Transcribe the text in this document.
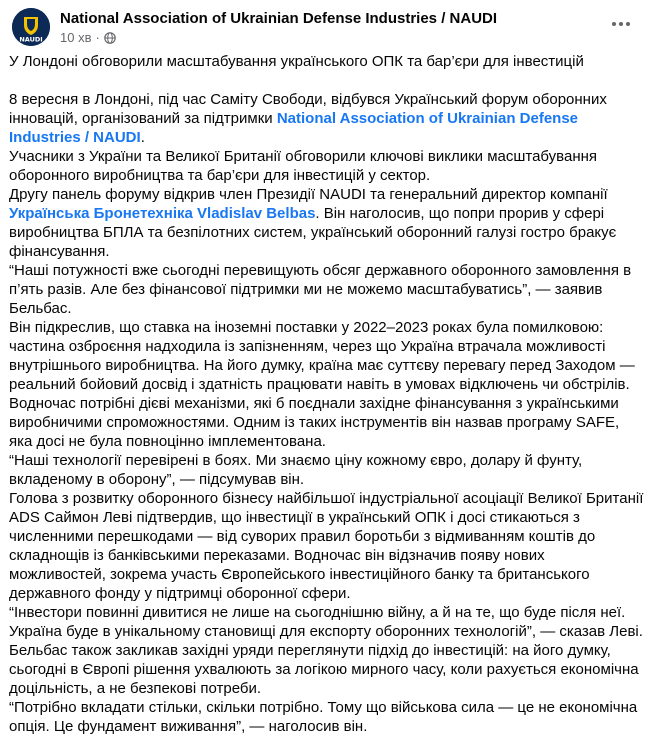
NAUDI
National Association of Ukrainian Defense Industries / NAUDI
10 хв ·

У Лондоні обговорили масштабування українського ОПК та бар’єри для інвестицій

8 вересня в Лондоні, під час Саміту Свободи, відбувся Український форум оборонних інновацій, організований за підтримки National Association of Ukrainian Defense Industries / NAUDI.

Учасники з України та Великої Британії обговорили ключові виклики масштабування оборонного виробництва та бар’єри для інвестицій у сектор.

Другу панель форуму відкрив член Президії NAUDI та генеральний директор компанії Українська Бронетехніка Vladislav Belbas. Він наголосив, що попри прорив у сфері виробництва БПЛА та безпілотних систем, український оборонний галузі гостро бракує фінансування.

“Наші потужності вже сьогодні перевищують обсяг державного оборонного замовлення в п’ять разів. Але без фінансової підтримки ми не можемо масштабуватись”, — заявив Бельбас.

Він підкреслив, що ставка на іноземні поставки у 2022–2023 роках була помилковою: частина озброєння надходила із запізненням, через що Україна втрачала можливості внутрішнього виробництва. На його думку, країна має суттєву перевагу перед Заходом — реальний бойовий досвід і здатність працювати навіть в умовах відключень чи обстрілів. Водночас потрібні дієві механізми, які б поєднали західне фінансування з українськими виробничими спроможностями. Одним із таких інструментів він назвав програму SAFE, яка досі не була повноцінно імплементована.

“Наші технології перевірені в боях. Ми знаємо ціну кожному євро, долару й фунту, вкладеному в оборону”, — підсумував він.

Голова з розвитку оборонного бізнесу найбільшої індустріальної асоціації Великої Британії ADS Саймон Леві підтвердив, що інвестиції в український ОПК і досі стикаються з численними перешкодами — від суворих правил боротьби з відмиванням коштів до складнощів із банківськими переказами. Водночас він відзначив появу нових можливостей, зокрема участь Європейського інвестиційного банку та британського державного фонду у підтримці оборонної сфери.

“Інвестори повинні дивитися не лише на сьогоднішню війну, а й на те, що буде після неї. Україна буде в унікальному становищі для експорту оборонних технологій”, — сказав Леві.

Бельбас також закликав західні уряди переглянути підхід до інвестицій: на його думку, сьогодні в Європі рішення ухвалюють за логікою мирного часу, коли рахується економічна доцільність, а не безпекові потреби.

“Потрібно вкладати стільки, скільки потрібно. Тому що військова сила — це не економічна опція. Це фундамент виживання”, — наголосив він.
